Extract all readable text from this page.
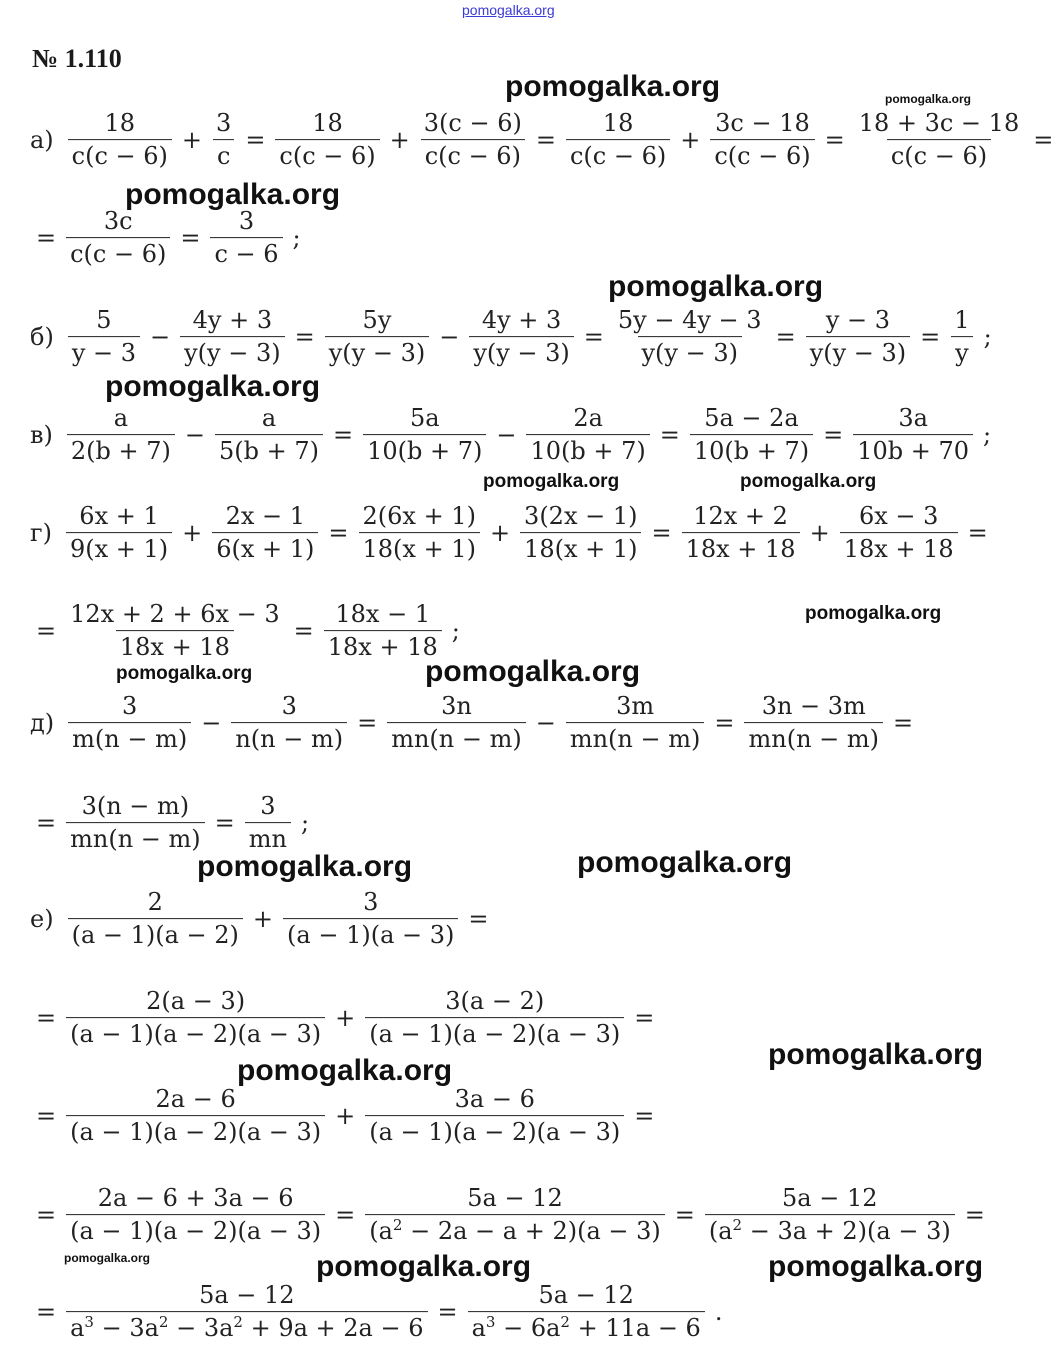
pomogalka.org
№ 1.110
$а) \frac{18}{c(c - 6)} + \frac{3}{c} = \frac{18}{c(c - 6)} + \frac{3(c - 6)}{c(c - 6)} = \frac{18}{c(c - 6)} + \frac{3c - 18}{c(c - 6)} = \frac{18 + 3c - 18}{c(c - 6)}$ =
= $\frac{3c}{c(c - 6)} = \frac{3}{c - 6}$ ;
$б) \frac{5}{y - 3} - \frac{4y + 3}{y(y - 3)} = \frac{5y}{y(y - 3)} - \frac{4y + 3}{y(y - 3)} = \frac{5y - 4y - 3}{y(y - 3)} = \frac{y - 3}{y(y - 3)} = \frac{1}{y}$ ;
$в) \frac{a}{2(b + 7)} - \frac{a}{5(b + 7)} = \frac{5a}{10(b + 7)} - \frac{2a}{10(b + 7)} = \frac{5a - 2a}{10(b + 7)} = \frac{3a}{10b + 70}$ ;
$г) \frac{6x + 1}{9(x + 1)} + \frac{2x - 1}{6(x + 1)} = \frac{2(6x + 1)}{18(x + 1)} + \frac{3(2x - 1)}{18(x + 1)} = \frac{12x + 2}{18x + 18} + \frac{6x - 3}{18x + 18}$ =
= $\frac{12x + 2 + 6x - 3}{18x + 18} = \frac{18x - 1}{18x + 18}$ ;
$д) \frac{3}{m(n - m)} - \frac{3}{n(n - m)} = \frac{3n}{mn(n - m)} - \frac{3m}{mn(n - m)} = \frac{3n - 3m}{mn(n - m)}$ =
= $\frac{3(n - m)}{mn(n - m)} = \frac{3}{mn}$ ;
$е) \frac{2}{(a - 1)(a - 2)} + \frac{3}{(a - 1)(a - 3)}$ =
= $\frac{2(a - 3)}{(a - 1)(a - 2)(a - 3)} + \frac{3(a - 2)}{(a - 1)(a - 2)(a - 3)}$ =
= $\frac{2a - 6}{(a - 1)(a - 2)(a - 3)} + \frac{3a - 6}{(a - 1)(a - 2)(a - 3)}$ =
= $\frac{2a - 6 + 3a - 6}{(a - 1)(a - 2)(a - 3)} = \frac{5a - 12}{(a^2 - 2a - a + 2)(a - 3)} = \frac{5a - 12}{(a^2 - 3a + 2)(a - 3)}$ =
= $\frac{5a - 12}{a^3 - 3a^2 - 3a^2 + 9a + 2a - 6} = \frac{5a - 12}{a^3 - 6a^2 + 11a - 6}$ .
pomogalka.org	pomogalka.org
pomogalka.org
pomogalka.org
pomogalka.org
pomogalka.org	pomogalka.org
pomogalka.org
pomogalka.org
pomogalka.org
pomogalka.org	pomogalka.org
pomogalka.org
pomogalka.org
pomogalka.org	pomogalka.org	pomogalka.org
